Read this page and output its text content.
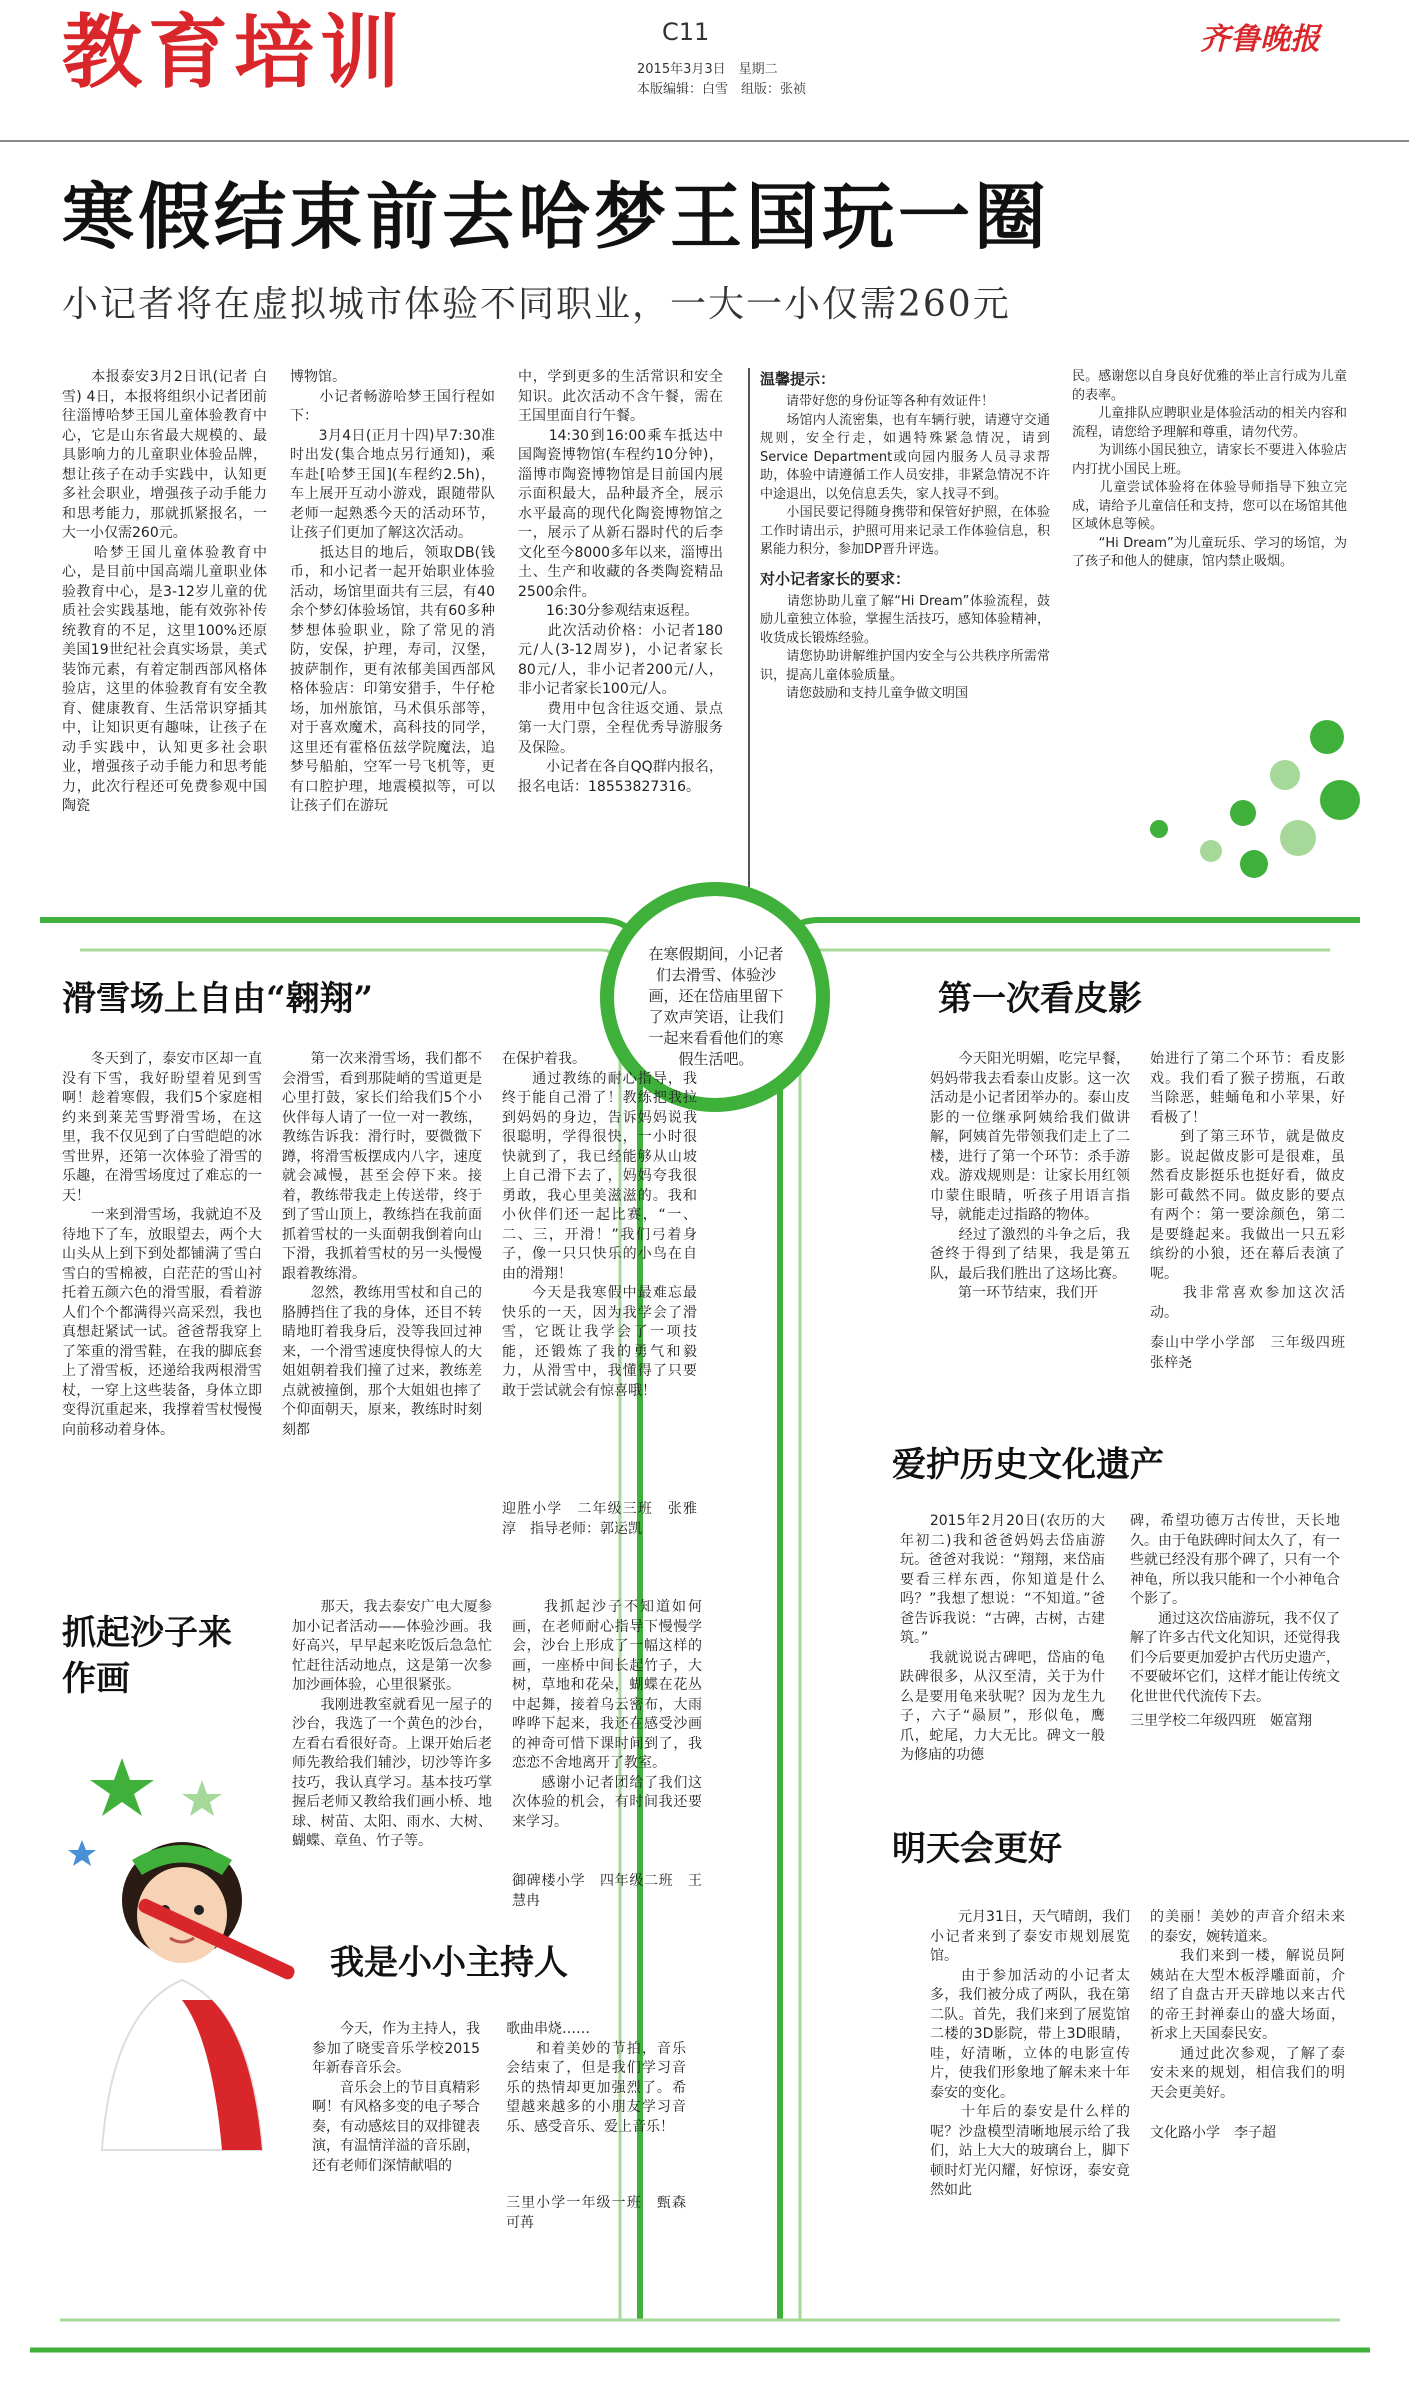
教育培训	C11
2015年3月3日　星期二
本版编辑：白雪　组版：张祯
齐鲁晚报
寒假结束前去哈梦王国玩一圈
小记者将在虚拟城市体验不同职业，一大一小仅需260元

　　本报泰安3月2日讯(记者 白雪) 4日，本报将组织小记者团前往淄博哈梦王国儿童体验教育中心，它是山东省最大规模的、最具影响力的儿童职业体验品牌，想让孩子在动手实践中，认知更多社会职业，增强孩子动手能力和思考能力，那就抓紧报名，一大一小仅需260元。
　　哈梦王国儿童体验教育中心，是目前中国高端儿童职业体验教育中心，是3-12岁儿童的优质社会实践基地，能有效弥补传统教育的不足，这里100%还原美国19世纪社会真实场景，美式装饰元素，有着定制西部风格体验店，这里的体验教育有安全教育、健康教育、生活常识穿插其中，让知识更有趣味，让孩子在动手实践中，认知更多社会职业，增强孩子动手能力和思考能力，此次行程还可免费参观中国陶瓷

博物馆。
　　小记者畅游哈梦王国行程如下：
　　3月4日(正月十四)早7:30准时出发(集合地点另行通知)，乘车赴[哈梦王国](车程约2.5h)，车上展开互动小游戏，跟随带队老师一起熟悉今天的活动环节，让孩子们更加了解这次活动。
　　抵达目的地后，领取DB(钱币，和小记者一起开始职业体验活动，场馆里面共有三层，有40余个梦幻体验场馆，共有60多种梦想体验职业，除了常见的消防，安保，护理，寿司，汉堡，披萨制作，更有浓郁美国西部风格体验店：印第安猎手，牛仔枪场，加州旅馆，马术俱乐部等，对于喜欢魔术，高科技的同学，这里还有霍格伍兹学院魔法，追梦号船舶，空军一号飞机等，更有口腔护理，地震模拟等，可以让孩子们在游玩

中，学到更多的生活常识和安全知识。此次活动不含午餐，需在王国里面自行午餐。
　　14:30到16:00乘车抵达中国陶瓷博物馆(车程约10分钟)，淄博市陶瓷博物馆是目前国内展示面积最大，品种最齐全，展示水平最高的现代化陶瓷博物馆之一，展示了从新石器时代的后李文化至今8000多年以来，淄博出土、生产和收藏的各类陶瓷精品2500余件。
　　16:30分参观结束返程。
　　此次活动价格：小记者180元/人(3-12周岁)，小记者家长80元/人，非小记者200元/人，非小记者家长100元/人。
　　费用中包含往返交通、景点第一大门票，全程优秀导游服务及保险。
　　小记者在各自QQ群内报名，报名电话：18553827316。

温馨提示：

　　请带好您的身份证等各种有效证件！
　　场馆内人流密集，也有车辆行驶，请遵守交通规则，安全行走，如遇特殊紧急情况，请到Service Department或向园内服务人员寻求帮助，体验中请遵循工作人员安排，非紧急情况不许中途退出，以免信息丢失，家人找寻不到。
　　小国民要记得随身携带和保管好护照，在体验工作时请出示，护照可用来记录工作体验信息，积累能力积分，参加DP晋升评选。

对小记者家长的要求：

　　请您协助儿童了解“Hi Dream”体验流程，鼓励儿童独立体验，掌握生活技巧，感知体验精神，收货成长锻炼经验。
　　请您协助讲解维护国内安全与公共秩序所需常识，提高儿童体验质量。
　　请您鼓励和支持儿童争做文明国

民。感谢您以自身良好优雅的举止言行成为儿童的表率。
　　儿童排队应聘职业是体验活动的相关内容和流程，请您给予理解和尊重，请勿代劳。
　　为训练小国民独立，请家长不要进入体验店内打扰小国民上班。
　　儿童尝试体验将在体验导师指导下独立完成，请给予儿童信任和支持，您可以在场馆其他区域休息等候。
　　“Hi Dream”为儿童玩乐、学习的场馆，为了孩子和他人的健康，馆内禁止吸烟。

在寒假期间，小记者们去滑雪、体验沙画，还在岱庙里留下了欢声笑语，让我们一起来看看他们的寒假生活吧。

滑雪场上自由“翱翔”

　　冬天到了，泰安市区却一直没有下雪，我好盼望着见到雪啊！趁着寒假，我们5个家庭相约来到莱芜雪野滑雪场，在这里，我不仅见到了白雪皑皑的冰雪世界，还第一次体验了滑雪的乐趣，在滑雪场度过了难忘的一天！
　　一来到滑雪场，我就迫不及待地下了车，放眼望去，两个大山头从上到下到处都铺满了雪白雪白的雪棉被，白茫茫的雪山衬托着五颜六色的滑雪服，看着游人们个个都满得兴高采烈，我也真想赶紧试一试。爸爸帮我穿上了笨重的滑雪鞋，在我的脚底套上了滑雪板，还递给我两根滑雪杖，一穿上这些装备，身体立即变得沉重起来，我撑着雪杖慢慢向前移动着身体。

　　第一次来滑雪场，我们都不会滑雪，看到那陡峭的雪道更是心里打鼓，家长们给我们5个小伙伴每人请了一位一对一教练，教练告诉我：滑行时，要微微下蹲，将滑雪板摆成内八字，速度就会减慢，甚至会停下来。接着，教练带我走上传送带，终于到了雪山顶上，教练挡在我前面抓着雪杖的一头面朝我倒着向山下滑，我抓着雪杖的另一头慢慢跟着教练滑。
　　忽然，教练用雪杖和自己的胳膊挡住了我的身体，还目不转睛地盯着我身后，没等我回过神来，一个滑雪速度快得惊人的大姐姐朝着我们撞了过来，教练差点就被撞倒，那个大姐姐也摔了个仰面朝天，原来，教练时时刻刻都

在保护着我。
　　通过教练的耐心指导，我终于能自己滑了！教练把我拉到妈妈的身边，告诉妈妈说我很聪明，学得很快，一小时很快就到了，我已经能够从山坡上自己滑下去了，妈妈夸我很勇敢，我心里美滋滋的。我和小伙伴们还一起比赛，“一、二、三，开滑！”我们弓着身子，像一只只快乐的小鸟在自由的滑翔！
　　今天是我寒假中最难忘最快乐的一天，因为我学会了滑雪，它既让我学会了一项技能，还锻炼了我的勇气和毅力，从滑雪中，我懂得了只要敢于尝试就会有惊喜哦！

迎胜小学　二年级三班　张雅淳　指导老师：郭运凯

抓起沙子来作画

　　那天，我去泰安广电大厦参加小记者活动——体验沙画。我好高兴，早早起来吃饭后急急忙忙赶往活动地点，这是第一次参加沙画体验，心里很紧张。
　　我刚进教室就看见一屋子的沙台，我选了一个黄色的沙台，左看右看很好奇。上课开始后老师先教给我们辅沙，切沙等许多技巧，我认真学习。基本技巧掌握后老师又教给我们画小桥、地球、树苗、太阳、雨水、大树、蝴蝶、章鱼、竹子等。

　　我抓起沙子不知道如何画，在老师耐心指导下慢慢学会，沙台上形成了一幅这样的画，一座桥中间长起竹子，大树，草地和花朵，蝴蝶在花丛中起舞，接着乌云密布，大雨哗哗下起来，我还在感受沙画的神奇可惜下课时间到了，我恋恋不舍地离开了教室。
　　感谢小记者团给了我们这次体验的机会，有时间我还要来学习。

御碑楼小学　四年级二班　王慧冉

我是小小主持人

　　今天，作为主持人，我参加了晓雯音乐学校2015年新春音乐会。
　　音乐会上的节目真精彩啊！有风格多变的电子琴合奏，有动感炫目的双排键表演，有温情洋溢的音乐剧，还有老师们深情献唱的

歌曲串烧……
　　和着美妙的节拍，音乐会结束了，但是我们学习音乐的热情却更加强烈了。希望越来越多的小朋友学习音乐、感受音乐、爱上音乐！

三里小学一年级一班　甄森可苒

第一次看皮影

　　今天阳光明媚，吃完早餐，妈妈带我去看泰山皮影。这一次活动是小记者团举办的。泰山皮影的一位继承阿姨给我们做讲解，阿姨首先带领我们走上了二楼，进行了第一个环节：杀手游戏。游戏规则是：让家长用红领巾蒙住眼睛，听孩子用语言指导，就能走过指路的物体。
　　经过了激烈的斗争之后，我爸终于得到了结果，我是第五队，最后我们胜出了这场比赛。
　　第一环节结束，我们开

始进行了第二个环节：看皮影戏。我们看了猴子捞瓶，石敢当除恶，蛙蛹龟和小苹果，好看极了！
　　到了第三环节，就是做皮影。说起做皮影可是很难，虽然看皮影挺乐也挺好看，做皮影可截然不同。做皮影的要点有两个：第一要涂颜色，第二是要缝起来。我做出一只五彩缤纷的小狼，还在幕后表演了呢。
　　我非常喜欢参加这次活动。

泰山中学小学部　三年级四班　张梓尧

爱护历史文化遗产

　　2015年2月20日(农历的大年初二)我和爸爸妈妈去岱庙游玩。爸爸对我说：“翔翔，来岱庙要看三样东西，你知道是什么吗？”我想了想说：“不知道。”爸爸告诉我说：“古碑，古树，古建筑。”
　　我就说说古碑吧，岱庙的龟趺碑很多，从汉至清，关于为什么是要用龟来驮呢？因为龙生九子，六子“赑屃”，形似龟，鹰爪，蛇尾，力大无比。碑文一般为修庙的功德

碑，希望功德万古传世，天长地久。由于龟趺碑时间太久了，有一些就已经没有那个碑了，只有一个神龟，所以我只能和一个小神龟合个影了。
　　通过这次岱庙游玩，我不仅了解了许多古代文化知识，还觉得我们今后要更加爱护古代历史遗产，不要破坏它们，这样才能让传统文化世世代代流传下去。

三里学校二年级四班　姬富翔

明天会更好

　　元月31日，天气晴朗，我们小记者来到了泰安市规划展览馆。
　　由于参加活动的小记者太多，我们被分成了两队，我在第二队。首先，我们来到了展览馆二楼的3D影院，带上3D眼睛，哇，好清晰，立体的电影宣传片，使我们形象地了解未来十年泰安的变化。
　　十年后的泰安是什么样的呢？沙盘模型清晰地展示给了我们，站上大大的玻璃台上，脚下顿时灯光闪耀，好惊讶，泰安竟然如此

的美丽！美妙的声音介绍未来的泰安，婉转道来。
　　我们来到一楼，解说员阿姨站在大型木板浮雕面前，介绍了自盘古开天辟地以来古代的帝王封禅泰山的盛大场面，祈求上天国泰民安。
　　通过此次参观，了解了泰安未来的规划，相信我们的明天会更美好。

文化路小学　李子超
